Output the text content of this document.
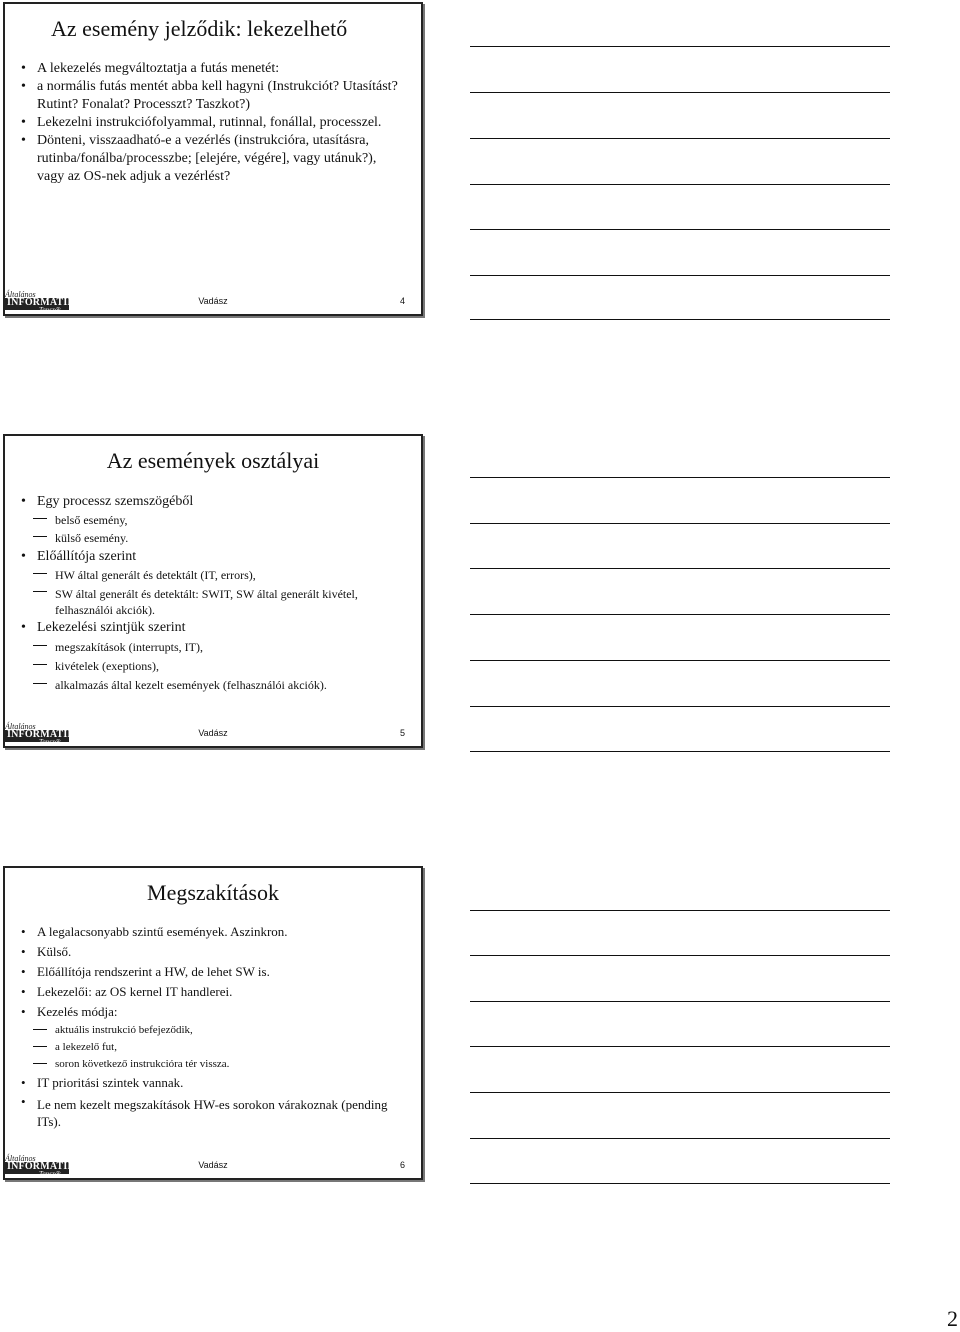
Az esemény jelződik: lekezelhető
• A lekezelés megváltoztatja a futás menetét:
• a normális futás mentét abba kell hagyni (Instrukciót? Utasítást? Rutint? Fonalat? Processzt? Taszkot?)
• Lekezelni instrukciófolyammal, rutinnal, fonállal, processzel.
• Dönteni, visszaadható-e a vezérlés (instrukcióra, utasításra, rutinba/fonálba/processzbe; [elejére, végére], vagy utánuk?), vagy az OS-nek adjuk a vezérlést?
Általános
INFORMATIKAI
Tanszék
Vadász	4
Az események osztályai
• Egy processz szemszögéből
belső esemény,
külső esemény.
• Előállítója szerint
HW által generált és detektált (IT, errors),
SW által generált és detektált: SWIT, SW által generált kivétel, felhasználói akciók).
• Lekezelési szintjük szerint
megszakítások (interrupts, IT),
kivételek (exeptions),
alkalmazás által kezelt események (felhasználói akciók).
Általános
INFORMATIKAI
Tanszék
Vadász	5
Megszakítások
• A legalacsonyabb szintű események. Aszinkron.
• Külső.
• Előállítója rendszerint a HW, de lehet SW is.
• Lekezelői: az OS kernel IT handlerei.
• Kezelés módja:
aktuális instrukció befejeződik,
a lekezelő fut,
soron következő instrukcióra tér vissza.
• IT prioritási szintek vannak.
• Le nem kezelt megszakítások HW-es sorokon várakoznak (pending ITs).
Általános
INFORMATIKAI
Tanszék
Vadász	6
2
